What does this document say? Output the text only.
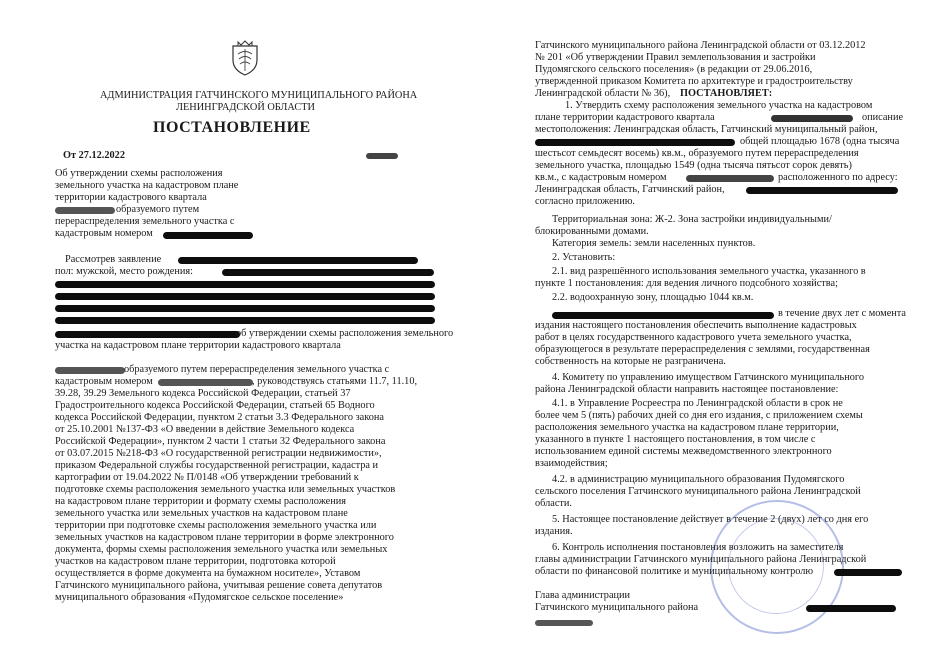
АДМИНИСТРАЦИЯ ГАТЧИНСКОГО МУНИЦИПАЛЬНОГО РАЙОНА

ЛЕНИНГРАДСКОЙ ОБЛАСТИ

ПОСТАНОВЛЕНИЕ

От 27.12.2022

Об утверждении схемы расположения

земельного участка на кадастровом плане

территории кадастрового квартала

образуемого путем

перераспределения земельного участка с

кадастровым номером

Рассмотрев заявление

пол: мужской, место рождения:

об утверждении схемы расположения земельного

участка на кадастровом плане территории кадастрового квартала

образуемого путем перераспределения земельного участка с

кадастровым номером	, руководствуясь статьями 11.7, 11.10,

39.28, 39.29 Земельного кодекса Российской Федерации, статьей 37

Градостроительного кодекса Российской Федерации, статьей 65 Водного

кодекса Российской Федерации, пунктом 2 статьи 3.3 Федерального закона

от 25.10.2001 №137-ФЗ «О введении в действие Земельного кодекса

Российской Федерации», пунктом 2 части 1 статьи 32 Федерального закона

от 03.07.2015 №218-ФЗ «О государственной регистрации недвижимости»,

приказом Федеральной службы государственной регистрации, кадастра и

картографии от 19.04.2022 № П/0148 «Об утверждении требований к

подготовке схемы расположения земельного участка или земельных участков

на кадастровом плане территории и формату схемы расположения

земельного участка или земельных участков на кадастровом плане

территории при подготовке схемы расположения земельного участка или

земельных участков на кадастровом плане территории в форме электронного

документа, формы схемы расположения земельного участка или земельных

участков на кадастровом плане территории, подготовка которой

осуществляется в форме документа на бумажном носителе», Уставом

Гатчинского муниципального района, учитывая решение совета депутатов

муниципального образования «Пудомягское сельское поселение»

Гатчинского муниципального района Ленинградской области от 03.12.2012

№ 201 «Об утверждении Правил землепользования и застройки

Пудомягского сельского поселения» (в редакции от 29.06.2016,

утвержденной приказом Комитета по архитектуре и градостроительству

Ленинградской области № 36), ПОСТАНОВЛЯЕТ:

1. Утвердить схему расположения земельного участка на кадастровом

плане территории кадастрового квартала	описание

местоположения: Ленинградская область, Гатчинский муниципальный район,

общей площадью 1678 (одна тысяча

шестьсот семьдесят восемь) кв.м., образуемого путем перераспределения

земельного участка, площадью 1549 (одна тысяча пятьсот сорок девять)

кв.м., с кадастровым номером	расположенного по адресу:

Ленинградская область, Гатчинский район,

согласно приложению.

Территориальная зона: Ж-2. Зона застройки индивидуальными/

блокированными домами.

Категория земель: земли населенных пунктов.

2. Установить:

2.1. вид разрешённого использования земельного участка, указанного в

пункте 1 постановления: для ведения личного подсобного хозяйства;

2.2. водоохранную зону, площадью 1044 кв.м.

в течение двух лет с момента

издания настоящего постановления обеспечить выполнение кадастровых

работ в целях государственного кадастрового учета земельного участка,

образующегося в результате перераспределения с землями, государственная

собственность на которые не разграничена.

4. Комитету по управлению имуществом Гатчинского муниципального

района Ленинградской области направить настоящее постановление:

4.1. в Управление Росреестра по Ленинградской области в срок не

более чем 5 (пять) рабочих дней со дня его издания, с приложением схемы

расположения земельного участка на кадастровом плане территории,

указанного в пункте 1 настоящего постановления, в том числе с

использованием единой системы межведомственного электронного

взаимодействия;

4.2. в администрацию муниципального образования Пудомягского

сельского поселения Гатчинского муниципального района Ленинградской

области.

5. Настоящее постановление действует в течение 2 (двух) лет со дня его

издания.

6. Контроль исполнения постановления возложить на заместителя

главы администрации Гатчинского муниципального района Ленинградской

области по финансовой политике и муниципальному контролю

Глава администрации

Гатчинского муниципального района
